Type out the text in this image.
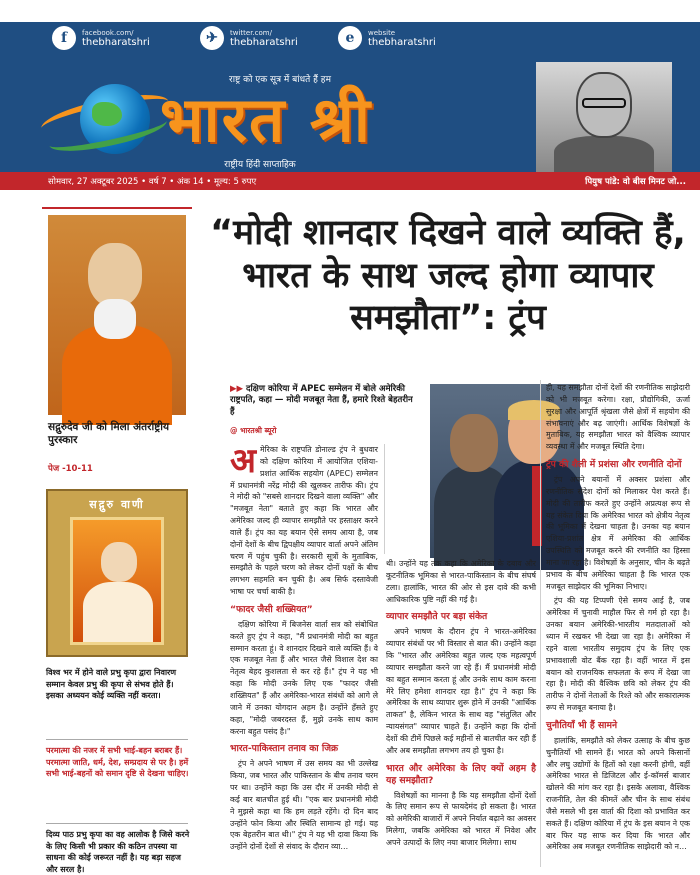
f	facebook.com/
thebharatshri	✈	twitter.com/
thebharatshri	e	website
thebharatshri
राष्ट्र को एक सूत्र में बांधते हैं हम
भारत श्री
राष्ट्रीय हिंदी साप्ताहिक
सोमवार, 27 अक्टूबर 2025 • वर्ष 7 • अंक 14 • मूल्य: 5 रुपए	पियुष पांडे: वो बीस मिनट जो...
सद्गुरुदेव जी को मिला अंतर्राष्ट्रीय पुरस्कार
पेज -10-11
सद्गुरु वाणी
विश्व भर में होने वाले प्रभु कृपा द्वारा निवारण सम्मान केवल प्रभु की कृपा से संभव होते हैं। इसका अध्ययन कोई व्यक्ति नहीं करता।
परमात्मा की नजर में सभी भाई-बहन बराबर हैं। परमात्मा जाति, धर्म, देश, सम्प्रदाय से पर है। हमें सभी भाई-बहनों को समान दृष्टि से देखना चाहिए।
दिव्य पाठ प्रभु कृपा का वह आलोक है जिसे करने के लिए किसी भी प्रकार की कठिन तपस्या या साधना की कोई जरूरत नहीं है। यह बड़ा सहज और सरल है।
“मोदी शानदार दिखने वाले व्यक्ति हैं, भारत के साथ जल्द होगा व्यापार समझौता”: ट्रंप
▶▶ दक्षिण कोरिया में APEC सम्मेलन में बोले अमेरिकी राष्ट्रपति, कहा — मोदी मजबूत नेता हैं, हमारे रिश्ते बेहतरीन हैं
@ भारतश्री ब्यूरो

अमेरिका के राष्ट्रपति डोनाल्ड ट्रंप ने बुधवार को दक्षिण कोरिया में आयोजित एशिया-प्रशांत आर्थिक सहयोग (APEC) सम्मेलन में प्रधानमंत्री नरेंद्र मोदी की खुलकर तारीफ की। ट्रंप ने मोदी को "सबसे शानदार दिखने वाला व्यक्ति" और "मजबूत नेता" बताते हुए कहा कि भारत और अमेरिका जल्द ही व्यापार समझौते पर हस्ताक्षर करने वाले हैं। ट्रंप का यह बयान ऐसे समय आया है, जब दोनों देशों के बीच द्विपक्षीय व्यापार वार्ता अपने अंतिम चरण में पहुंच चुकी है। सरकारी सूत्रों के मुताबिक, समझौते के पहले चरण को लेकर दोनों पक्षों के बीच लगभग सहमति बन चुकी है। अब सिर्फ दस्तावेजी भाषा पर चर्चा बाकी है।

“फादर जैसी शख्सियत”

दक्षिण कोरिया में बिजनेस वार्ता सत्र को संबोधित करते हुए ट्रंप ने कहा, "मैं प्रधानमंत्री मोदी का बहुत सम्मान करता हूं। वे शानदार दिखने वाले व्यक्ति हैं। वे एक मजबूत नेता हैं और भारत जैसे विशाल देश का नेतृत्व बेहद कुशलता से कर रहे हैं।" ट्रंप ने यह भी कहा कि मोदी उनके लिए एक "फादर जैसी शख्सियत" हैं और अमेरिका-भारत संबंधों को आगे ले जाने में उनका योगदान अहम है। उन्होंने हँसते हुए कहा, "मोदी जबरदस्त हैं, मुझे उनके साथ काम करना बहुत पसंद है।"

भारत-पाकिस्तान तनाव का जिक्र

ट्रंप ने अपने भाषण में उस समय का भी उल्लेख किया, जब भारत और पाकिस्तान के बीच तनाव चरम पर था। उन्होंने कहा कि उस दौर में उनकी मोदी से कई बार बातचीत हुई थी। "एक बार प्रधानमंत्री मोदी ने मुझसे कहा था कि हम लड़ते रहेंगे। दो दिन बाद उन्होंने फोन किया और स्थिति सामान्य हो गई। यह एक बेहतरीन बात थी।" ट्रंप ने यह भी दावा किया कि उन्होंने दोनों देशों से संवाद के दौरान व्या…

थी। उन्होंने यह तक कहा कि अमेरिका के दबाव और कूटनीतिक भूमिका से भारत-पाकिस्तान के बीच संघर्ष टला। हालांकि, भारत की ओर से इस दावे की कभी आधिकारिक पुष्टि नहीं की गई है।

व्यापार समझौते पर बड़ा संकेत

अपने भाषण के दौरान ट्रंप ने भारत-अमेरिका व्यापार संबंधों पर भी विस्तार से बात की। उन्होंने कहा कि "भारत और अमेरिका बहुत जल्द एक महत्वपूर्ण व्यापार समझौता करने जा रहे हैं। मैं प्रधानमंत्री मोदी का बहुत सम्मान करता हूं और उनके साथ काम करना मेरे लिए हमेशा शानदार रहा है।" ट्रंप ने कहा कि अमेरिका के साथ व्यापार शुरू होने में उनकी "आर्थिक ताकत" है, लेकिन भारत के साथ वह "संतुलित और न्यायसंगत" व्यापार चाहते हैं। उन्होंने कहा कि दोनों देशों की टीमें पिछले कई महीनों से बातचीत कर रही हैं और अब समझौता लगभग तय हो चुका है।

भारत और अमेरिका के लिए क्यों अहम है यह समझौता?

विशेषज्ञों का मानना है कि यह समझौता दोनों देशों के लिए समान रूप से फायदेमंद हो सकता है। भारत को अमेरिकी बाजारों में अपने निर्यात बढ़ाने का अवसर मिलेगा, जबकि अमेरिका को भारत में निवेश और अपने उत्पादों के लिए नया बाजार मिलेगा। साथ

ही, यह समझौता दोनों देशों की रणनीतिक साझेदारी को भी मजबूत करेगा। रक्षा, प्रौद्योगिकी, ऊर्जा सुरक्षा और आपूर्ति श्रृंखला जैसे क्षेत्रों में सहयोग की संभावनाएं और बढ़ जाएंगी। आर्थिक विशेषज्ञों के मुताबिक, यह समझौता भारत को वैश्विक व्यापार व्यवस्था में और मजबूत स्थिति देगा।

ट्रंप की शैली में प्रशंसा और रणनीति दोनों

ट्रंप अपने बयानों में अक्सर प्रशंसा और रणनीतिक संदेश दोनों को मिलाकर पेश करते हैं। मोदी की तारीफ करते हुए उन्होंने अप्रत्यक्ष रूप से यह संकेत दिया कि अमेरिका भारत को क्षेत्रीय नेतृत्व की भूमिका में देखना चाहता है। उनका यह बयान एशिया-प्रशांत क्षेत्र में अमेरिका की आर्थिक उपस्थिति को मजबूत करने की रणनीति का हिस्सा माना जा रहा है। विशेषज्ञों के अनुसार, चीन के बढ़ते प्रभाव के बीच अमेरिका चाहता है कि भारत एक मजबूत साझेदार की भूमिका निभाए।

ट्रंप की यह टिप्पणी ऐसे समय आई है, जब अमेरिका में चुनावी माहौल फिर से गर्म हो रहा है। उनका बयान अमेरिकी-भारतीय मतदाताओं को ध्यान में रखकर भी देखा जा रहा है। अमेरिका में रहने वाला भारतीय समुदाय ट्रंप के लिए एक प्रभावशाली वोट बैंक रहा है। वहीं भारत में इस बयान को राजनयिक सफलता के रूप में देखा जा रहा है। मोदी की वैश्विक छवि को लेकर ट्रंप की तारीफ ने दोनों नेताओं के रिश्ते को और सकारात्मक रूप से मजबूत बनाया है।

चुनौतियाँ भी हैं सामने

हालांकि, समझौते को लेकर उत्साह के बीच कुछ चुनौतियाँ भी सामने हैं। भारत को अपने किसानों और लघु उद्योगों के हितों को रक्षा करनी होगी, वहीं अमेरिका भारत से डिजिटल और ई-कॉमर्स बाजार खोलने की मांग कर रहा है। इसके अलावा, वैश्विक राजनीति, तेल की कीमतें और चीन के साथ संबंध जैसे मसले भी इस वार्ता की दिशा को प्रभावित कर सकते हैं। दक्षिण कोरिया में ट्रंप के इस बयान ने एक बार फिर यह साफ कर दिया कि भारत और अमेरिका अब मजबूत रणनीतिक साझेदारी को न…
